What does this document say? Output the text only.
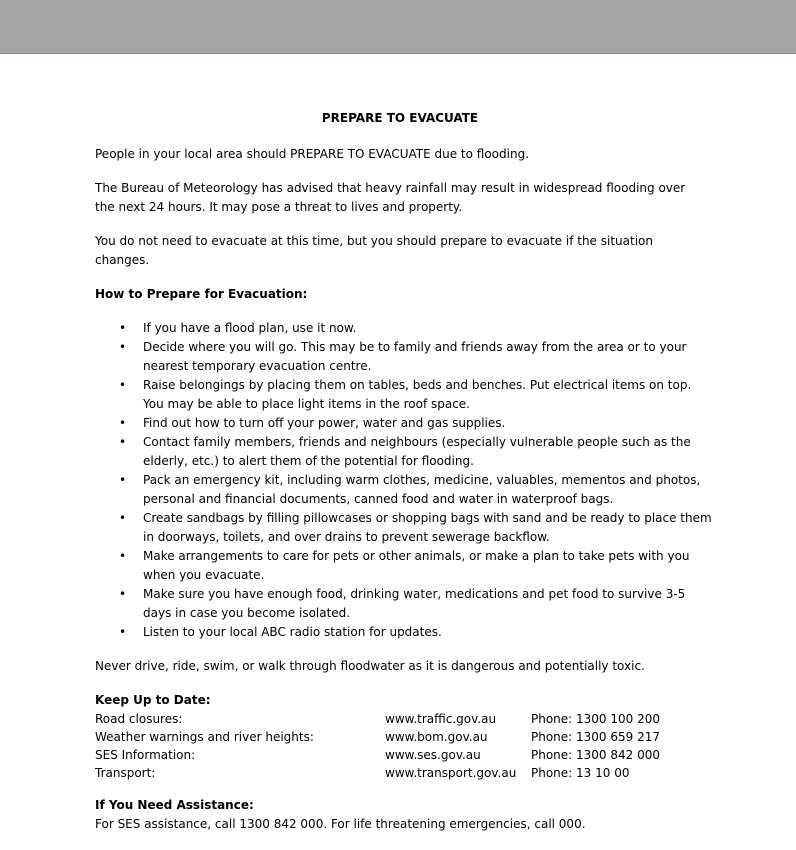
PREPARE TO EVACUATE

People in your local area should PREPARE TO EVACUATE due to flooding.

The Bureau of Meteorology has advised that heavy rainfall may result in widespread flooding over the next 24 hours. It may pose a threat to lives and property.

You do not need to evacuate at this time, but you should prepare to evacuate if the situation changes.

How to Prepare for Evacuation:
• If you have a flood plan, use it now.
• Decide where you will go. This may be to family and friends away from the area or to your nearest temporary evacuation centre.
• Raise belongings by placing them on tables, beds and benches. Put electrical items on top. You may be able to place light items in the roof space.
• Find out how to turn off your power, water and gas supplies.
• Contact family members, friends and neighbours (especially vulnerable people such as the elderly, etc.) to alert them of the potential for flooding.
• Pack an emergency kit, including warm clothes, medicine, valuables, mementos and photos, personal and financial documents, canned food and water in waterproof bags.
• Create sandbags by filling pillowcases or shopping bags with sand and be ready to place them in doorways, toilets, and over drains to prevent sewerage backflow.
• Make arrangements to care for pets or other animals, or make a plan to take pets with you when you evacuate.
• Make sure you have enough food, drinking water, medications and pet food to survive 3-5 days in case you become isolated.
• Listen to your local ABC radio station for updates.

Never drive, ride, swim, or walk through floodwater as it is dangerous and potentially toxic.

Keep Up to Date:
Road closures:	www.traffic.gov.au	Phone: 1300 100 200
Weather warnings and river heights:	www.bom.gov.au	Phone: 1300 659 217
SES Information:	www.ses.gov.au	Phone: 1300 842 000
Transport:	www.transport.gov.au	Phone: 13 10 00
If You Need Assistance:
For SES assistance, call 1300 842 000. For life threatening emergencies, call 000.
